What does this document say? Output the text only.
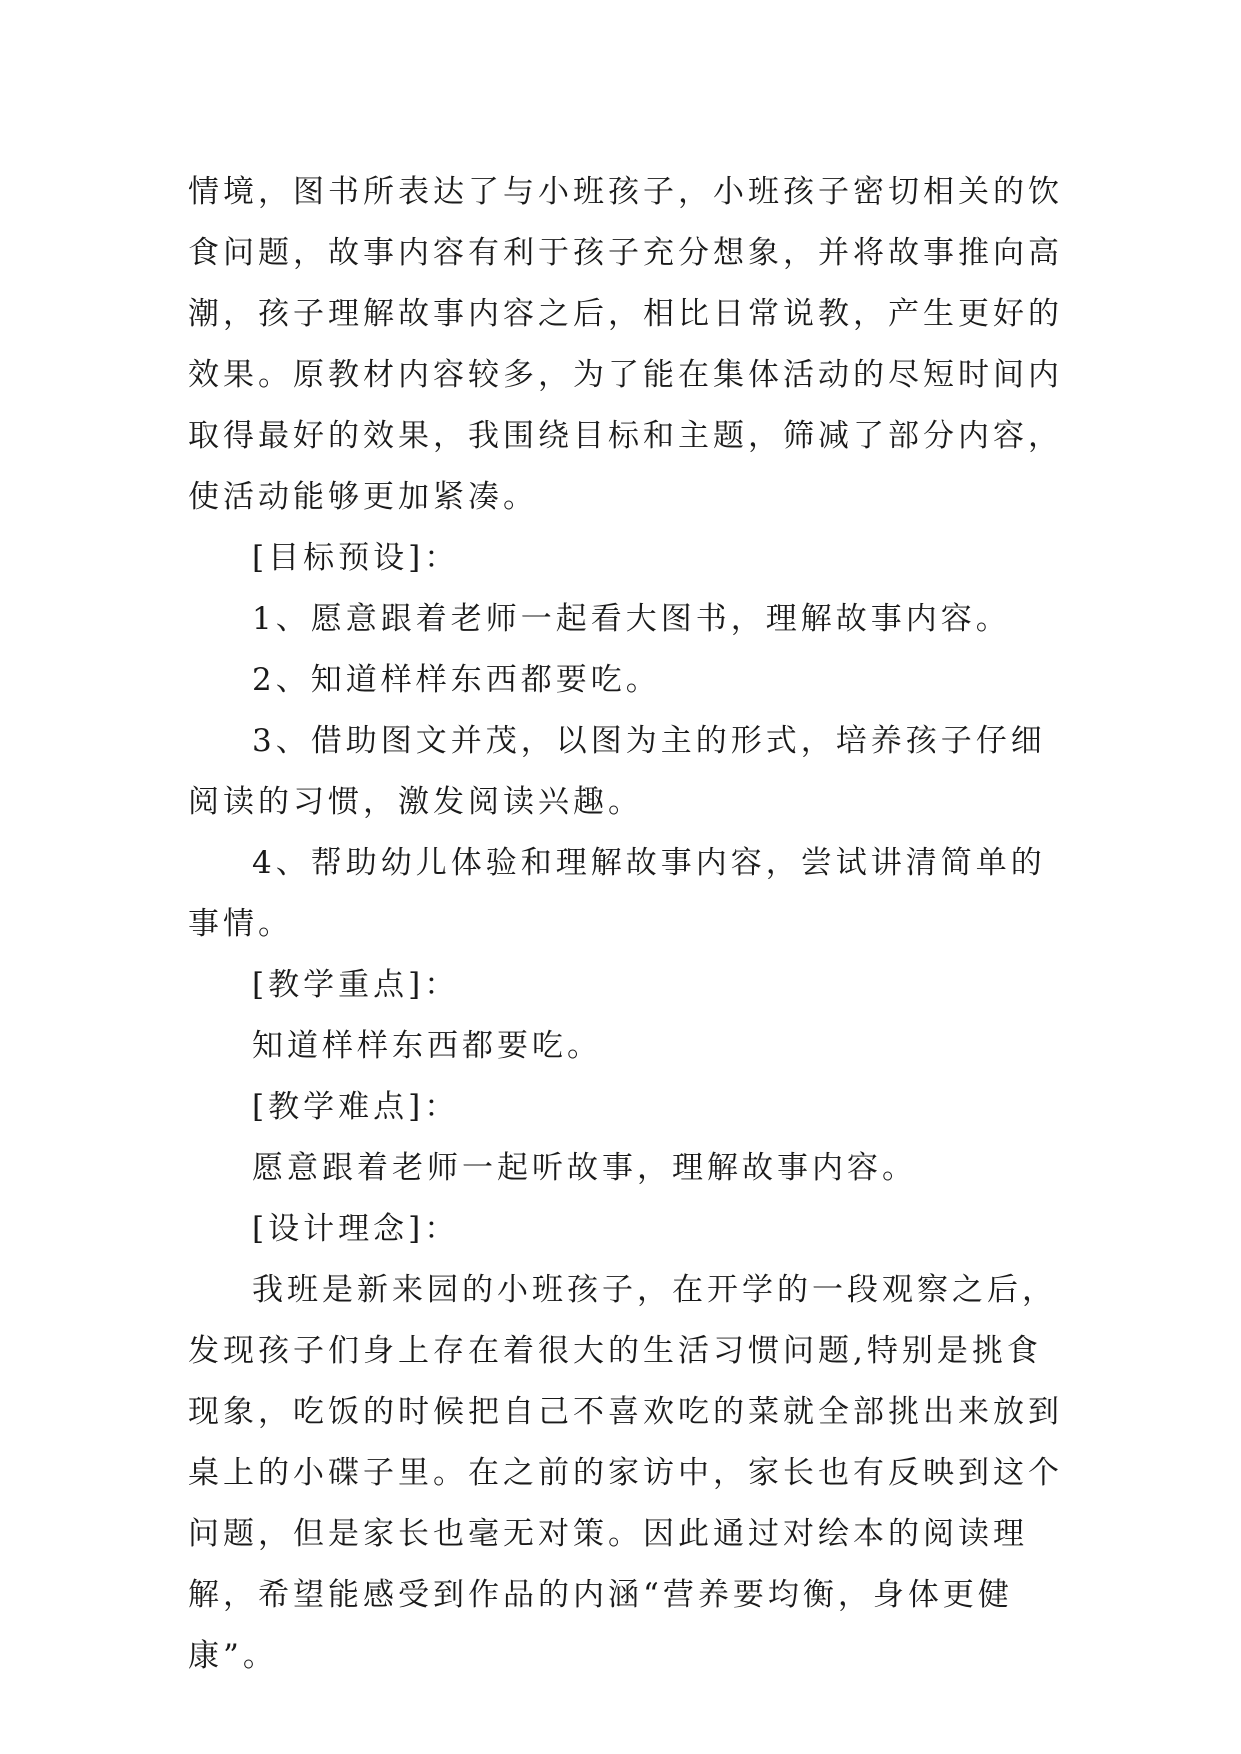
情境，图书所表达了与小班孩子，小班孩子密切相关的饮食问题，故事内容有利于孩子充分想象，并将故事推向高潮，孩子理解故事内容之后，相比日常说教，产生更好的效果。原教材内容较多，为了能在集体活动的尽短时间内取得最好的效果，我围绕目标和主题，筛减了部分内容，使活动能够更加紧凑。

[目标预设]：

1、愿意跟着老师一起看大图书，理解故事内容。

2、知道样样东西都要吃。

3、借助图文并茂，以图为主的形式，培养孩子仔细阅读的习惯，激发阅读兴趣。

4、帮助幼儿体验和理解故事内容，尝试讲清简单的事情。

[教学重点]：

知道样样东西都要吃。

[教学难点]：

愿意跟着老师一起听故事，理解故事内容。

[设计理念]：

我班是新来园的小班孩子，在开学的一段观察之后，发现孩子们身上存在着很大的生活习惯问题,特别是挑食现象，吃饭的时候把自己不喜欢吃的菜就全部挑出来放到桌上的小碟子里。在之前的家访中，家长也有反映到这个问题，但是家长也毫无对策。因此通过对绘本的阅读理解，希望能感受到作品的内涵“营养要均衡，身体更健康”。
